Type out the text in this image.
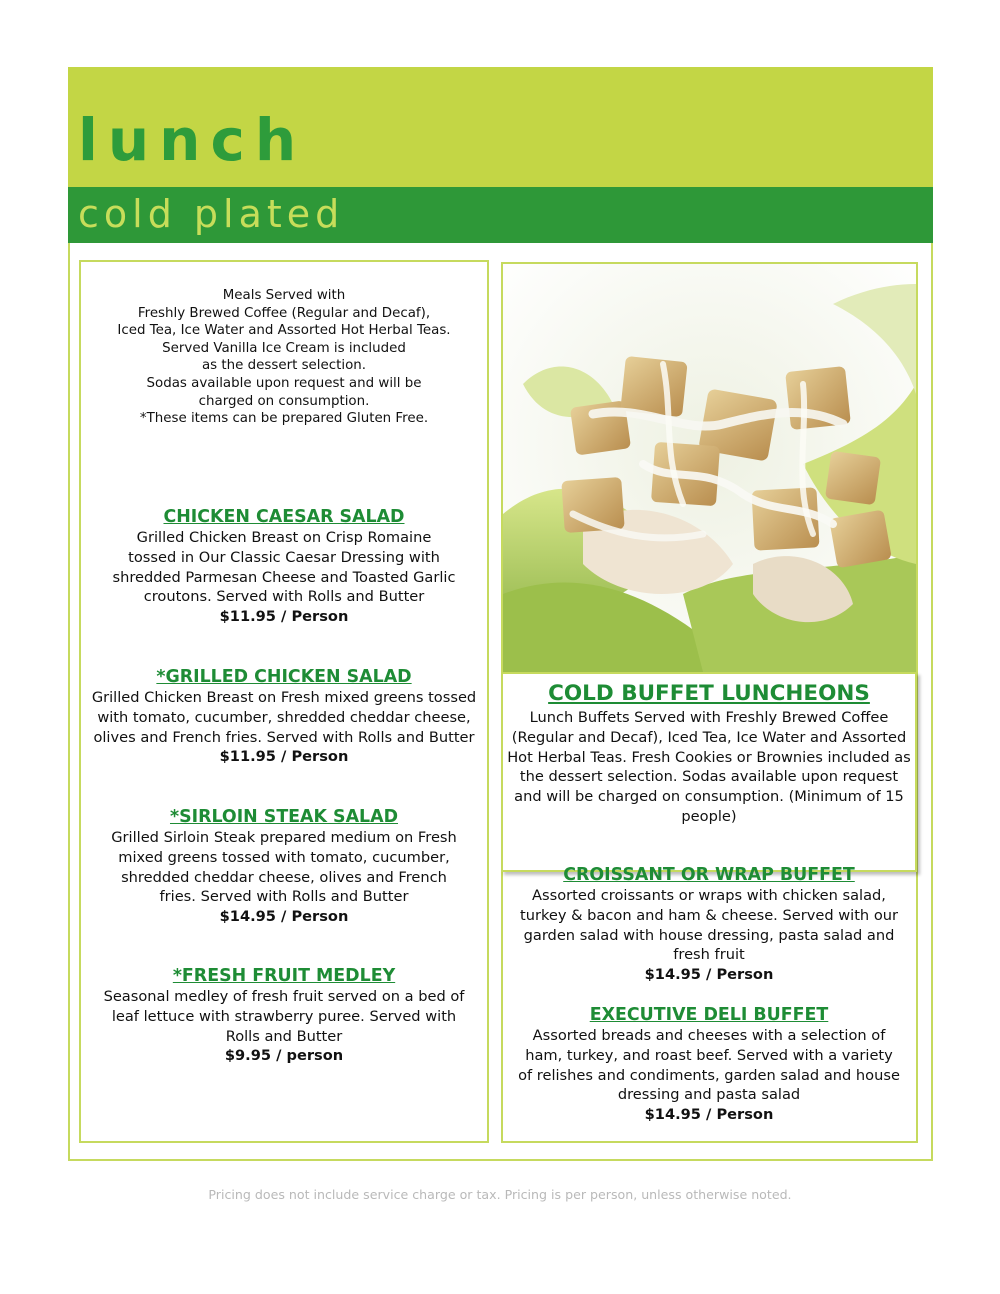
lunch
cold plated
Meals Served with
Freshly Brewed Coffee (Regular and Decaf),
Iced Tea, Ice Water and Assorted Hot Herbal Teas.
Served Vanilla Ice Cream is included
as the dessert selection.
Sodas available upon request and will be
charged on consumption.
*These items can be prepared Gluten Free.
CHICKEN CAESAR SALAD
Grilled Chicken Breast on Crisp Romaine tossed in Our Classic Caesar Dressing with shredded Parmesan Cheese and Toasted Garlic croutons. Served with Rolls and Butter
$11.95 / Person
*GRILLED CHICKEN SALAD
Grilled Chicken Breast on Fresh mixed greens tossed with tomato, cucumber, shredded cheddar cheese, olives and French fries. Served with Rolls and Butter
$11.95 / Person
*SIRLOIN STEAK SALAD
Grilled Sirloin Steak prepared medium on Fresh mixed greens tossed with tomato, cucumber, shredded cheddar cheese, olives and French fries. Served with Rolls and Butter
$14.95 / Person
*FRESH FRUIT MEDLEY
Seasonal medley of fresh fruit served on a bed of leaf lettuce with strawberry puree. Served with Rolls and Butter
$9.95 / person
COLD BUFFET LUNCHEONS
Lunch Buffets Served with Freshly Brewed Coffee (Regular and Decaf), Iced Tea, Ice Water and Assorted Hot Herbal Teas. Fresh Cookies or Brownies included as the dessert selection. Sodas available upon request and will be charged on consumption. (Minimum of 15 people)
CROISSANT OR WRAP BUFFET
Assorted croissants or wraps with chicken salad, turkey & bacon and ham & cheese. Served with our garden salad with house dressing, pasta salad and fresh fruit
$14.95 / Person
EXECUTIVE DELI BUFFET
Assorted breads and cheeses with a selection of ham, turkey, and roast beef. Served with a variety of relishes and condiments, garden salad and house dressing and pasta salad
$14.95 / Person
Pricing does not include service charge or tax. Pricing is per person, unless otherwise noted.
